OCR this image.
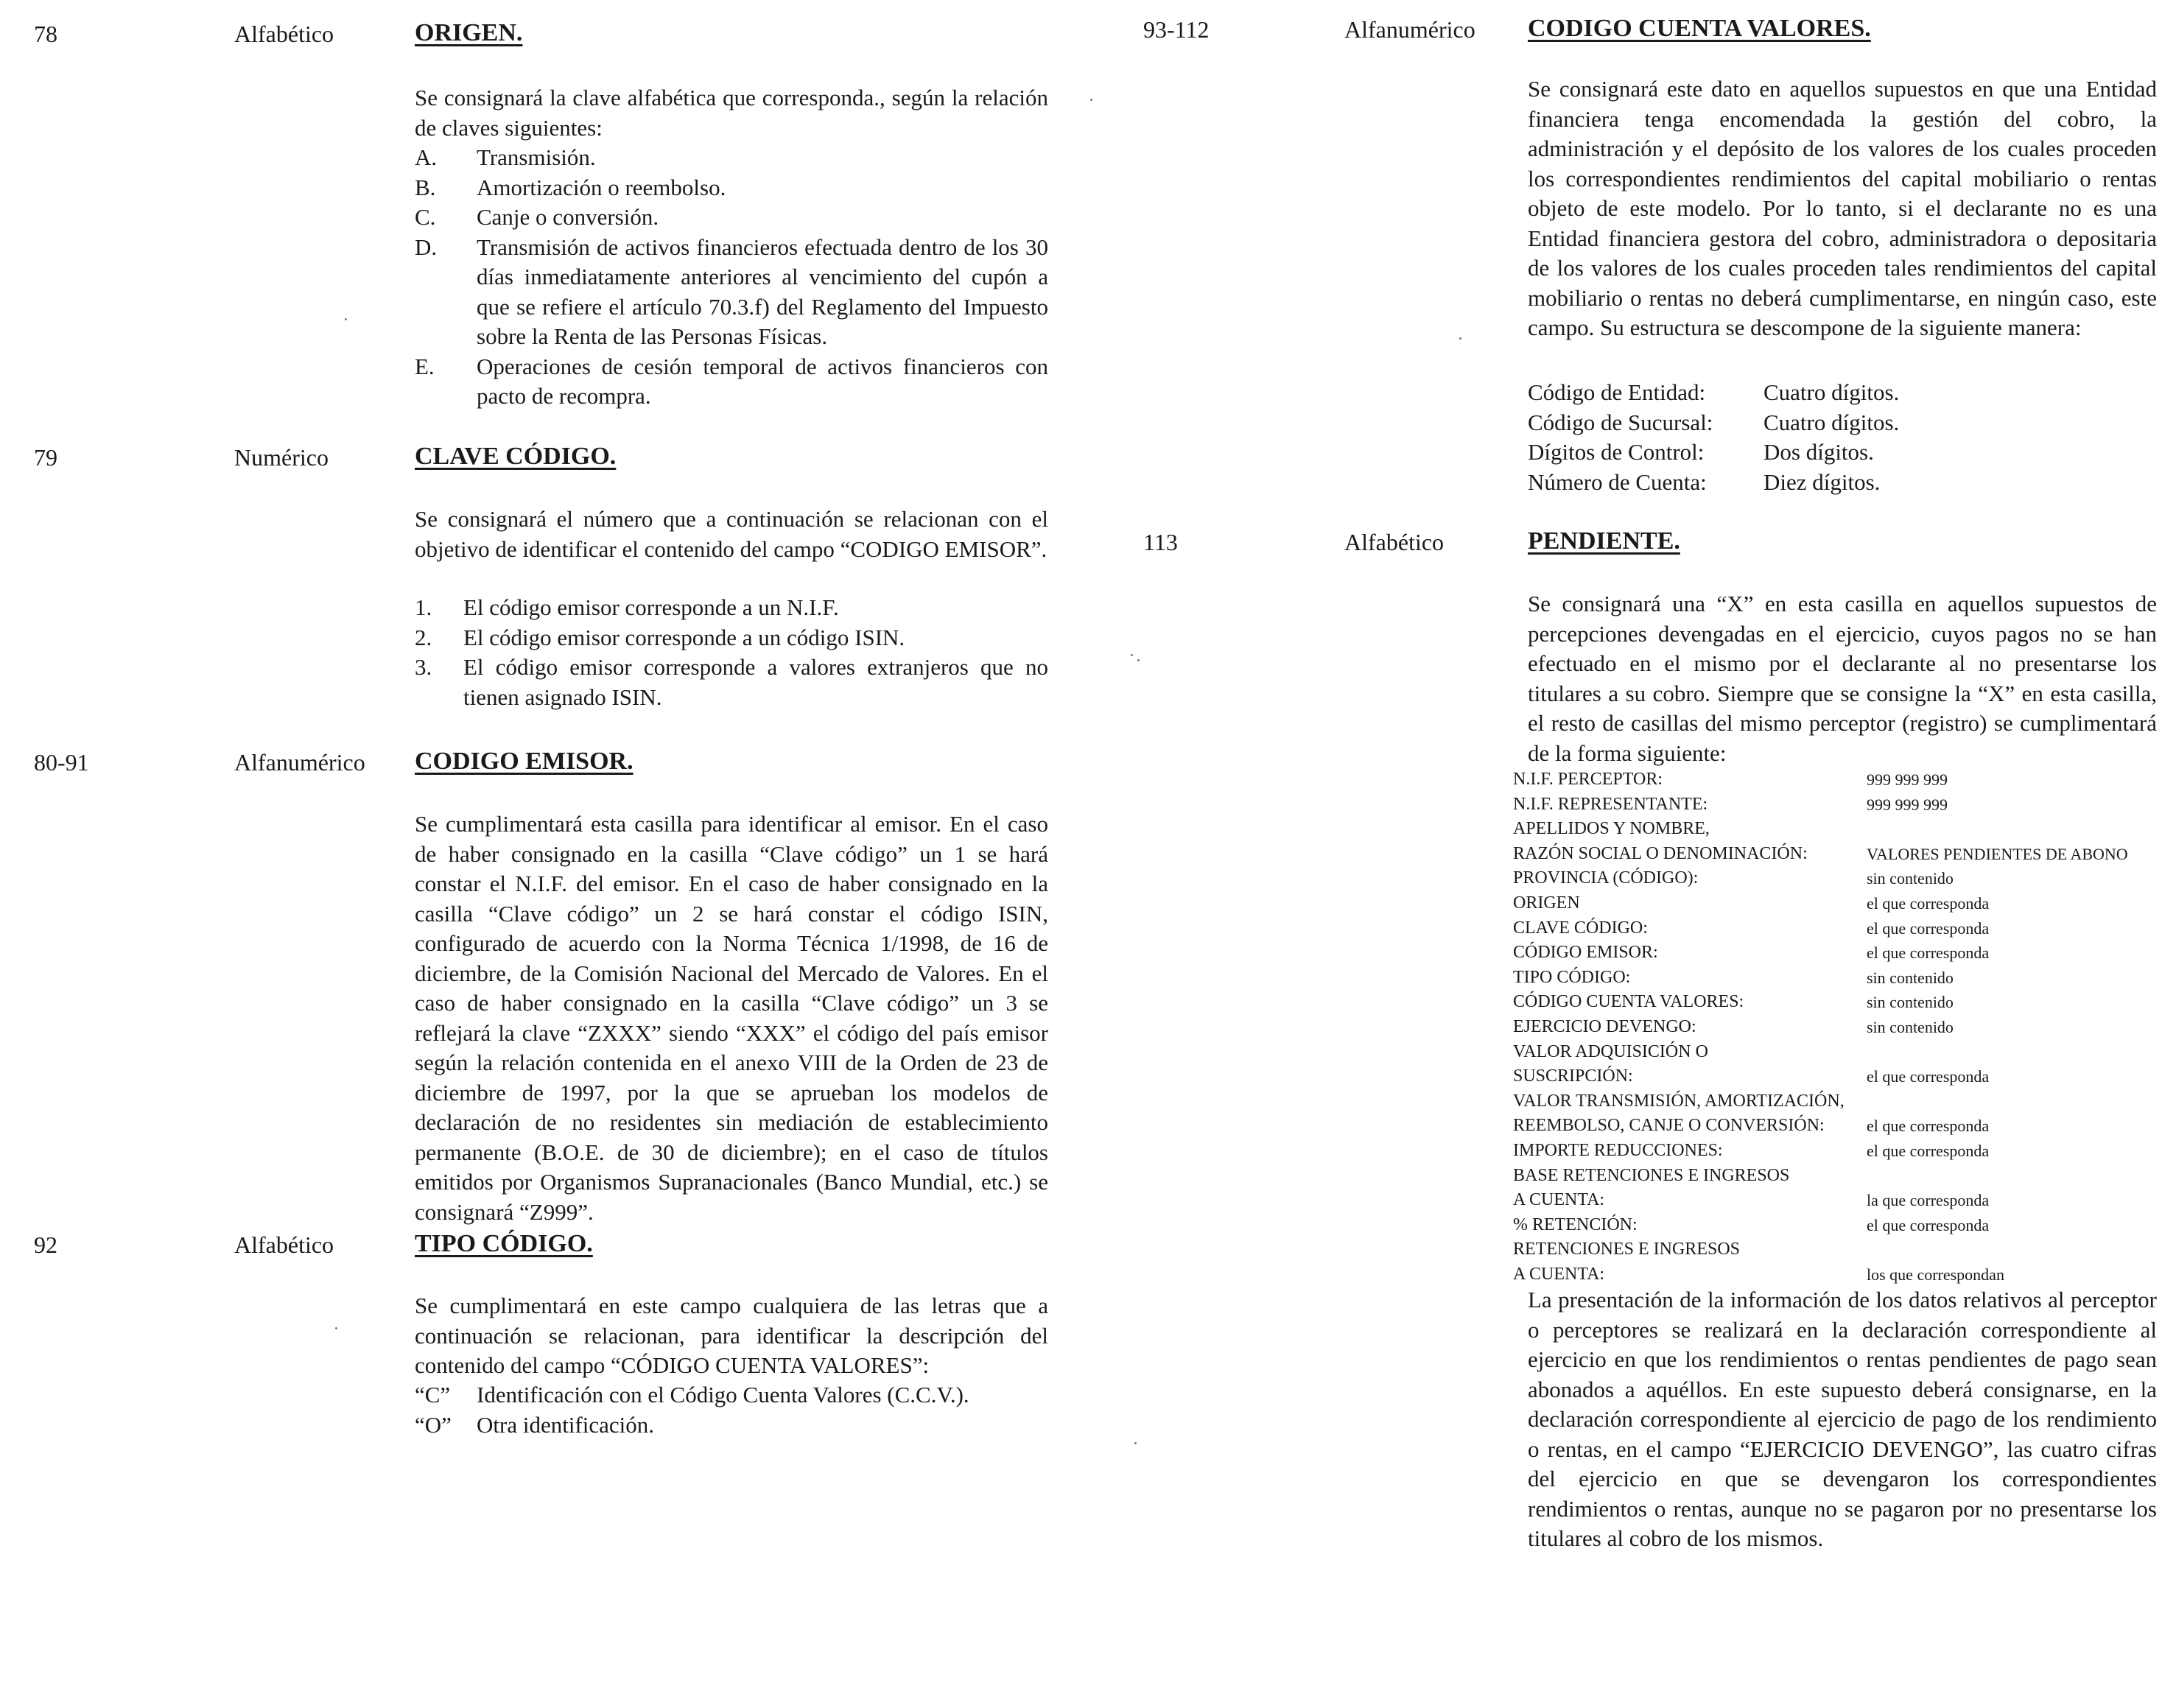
78	Alfabético	ORIGEN.
Se consignará la clave alfabética que corresponda., según la relación de claves siguientes:
A. Transmisión.
B. Amortización o reembolso.
C. Canje o conversión.
D. Transmisión de activos financieros efectuada dentro de los 30 días inmediatamente anteriores al vencimiento del cupón a que se refiere el artículo 70.3.f) del Reglamento del Impuesto sobre la Renta de las Personas Físicas.
E. Operaciones de cesión temporal de activos financieros con pacto de recompra.
79	Numérico	CLAVE CÓDIGO.
Se consignará el número que a continuación se relacionan con el objetivo de identificar el contenido del campo “CODIGO EMISOR”.
1. El código emisor corresponde a un N.I.F.
2. El código emisor corresponde a un código ISIN.
3. El código emisor corresponde a valores extranjeros que no tienen asignado ISIN.
80-91	Alfanumérico CODIGO EMISOR.
Se cumplimentará esta casilla para identificar al emisor. En el caso de haber consignado en la casilla “Clave código” un 1 se hará constar el N.I.F. del emisor. En el caso de haber consignado en la casilla “Clave código” un 2 se hará constar el código ISIN, configurado de acuerdo con la Norma Técnica 1/1998, de 16 de diciembre, de la Comisión Nacional del Mercado de Valores. En el caso de haber consignado en la casilla “Clave código” un 3 se reflejará la clave “ZXXX” siendo “XXX” el código del país emisor según la relación contenida en el anexo VIII de la Orden de 23 de diciembre de 1997, por la que se aprueban los modelos de declaración de no residentes sin mediación de establecimiento permanente (B.O.E. de 30 de diciembre); en el caso de títulos emitidos por Organismos Supranacionales (Banco Mundial, etc.) se consignará “Z999”.
92	Alfabético	TIPO CÓDIGO.
Se cumplimentará en este campo cualquiera de las letras que a continuación se relacionan, para identificar la descripción del contenido del campo “CÓDIGO CUENTA VALORES”:
“C” Identificación con el Código Cuenta Valores (C.C.V.).
“O” Otra identificación.
93-112	Alfanumérico CODIGO CUENTA VALORES.
Se consignará este dato en aquellos supuestos en que una Entidad financiera tenga encomendada la gestión del cobro, la administración y el depósito de los valores de los cuales proceden los correspondientes rendimientos del capital mobiliario o rentas objeto de este modelo. Por lo tanto, si el declarante no es una Entidad financiera gestora del cobro, administradora o depositaria de los valores de los cuales proceden tales rendimientos del capital mobiliario o rentas no deberá cumplimentarse, en ningún caso, este campo. Su estructura se descompone de la siguiente manera:
Código de Entidad:	Cuatro dígitos.
Código de Sucursal:	Cuatro dígitos.
Dígitos de Control:	Dos dígitos.
Número de Cuenta:	Diez dígitos.
113	Alfabético	PENDIENTE.
Se consignará una “X” en esta casilla en aquellos supuestos de percepciones devengadas en el ejercicio, cuyos pagos no se han efectuado en el mismo por el declarante al no presentarse los titulares a su cobro. Siempre que se consigne la “X” en esta casilla, el resto de casillas del mismo perceptor (registro) se cumplimentará de la forma siguiente:
N.I.F. PERCEPTOR:	999 999 999
N.I.F. REPRESENTANTE:	999 999 999
APELLIDOS Y NOMBRE,
RAZÓN SOCIAL O DENOMINACIÓN:	VALORES PENDIENTES DE ABONO
PROVINCIA (CÓDIGO):	sin contenido
ORIGEN	el que corresponda
CLAVE CÓDIGO:	el que corresponda
CÓDIGO EMISOR:	el que corresponda
TIPO CÓDIGO:	sin contenido
CÓDIGO CUENTA VALORES:	sin contenido
EJERCICIO DEVENGO:	sin contenido
VALOR ADQUISICIÓN O
SUSCRIPCIÓN:	el que corresponda
VALOR TRANSMISIÓN, AMORTIZACIÓN,
REEMBOLSO, CANJE O CONVERSIÓN:	el que corresponda
IMPORTE REDUCCIONES:	el que corresponda
BASE RETENCIONES E INGRESOS
A CUENTA:	la que corresponda
% RETENCIÓN:	el que corresponda
RETENCIONES E INGRESOS
A CUENTA:	los que correspondan
La presentación de la información de los datos relativos al perceptor o perceptores se realizará en la declaración correspondiente al ejercicio en que los rendimientos o rentas pendientes de pago sean abonados a aquéllos. En este supuesto deberá consignarse, en la declaración correspondiente al ejercicio de pago de los rendimiento o rentas, en el campo “EJERCICIO DEVENGO”, las cuatro cifras del ejercicio en que se devengaron los correspondientes rendimientos o rentas, aunque no se pagaron por no presentarse los titulares al cobro de los mismos.
